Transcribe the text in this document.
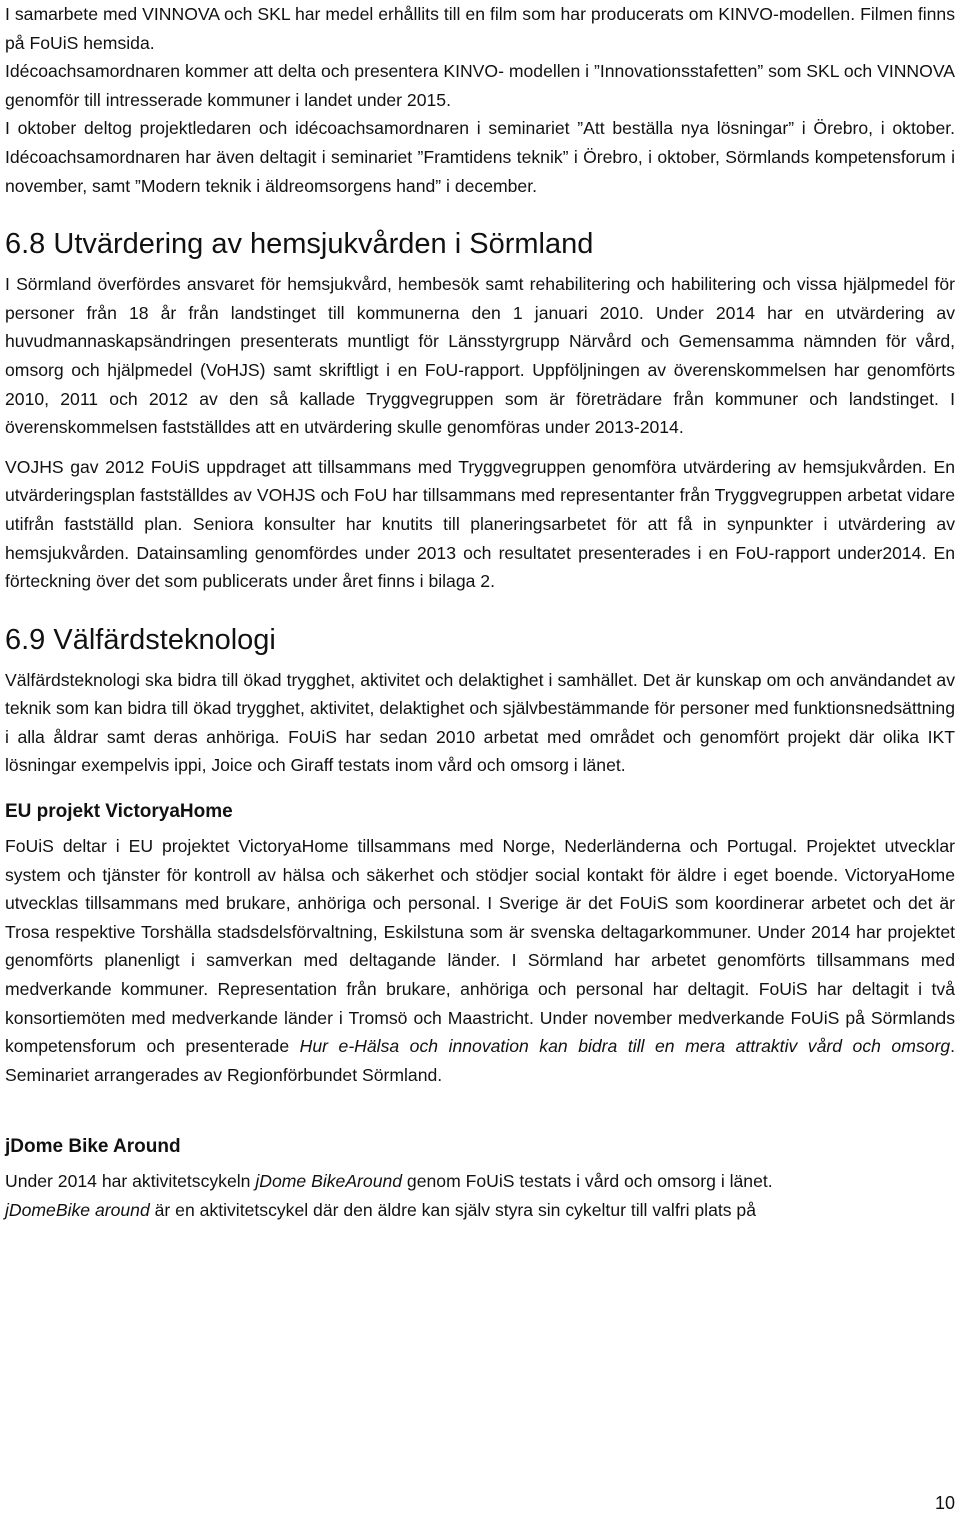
I samarbete med VINNOVA och SKL har medel erhållits till en film som har producerats om KINVO-modellen. Filmen finns på FoUiS hemsida.

Idécoachsamordnaren kommer att delta och presentera KINVO- modellen i ”Innovationsstafetten” som SKL och VINNOVA genomför till intresserade kommuner i landet under 2015.

I oktober deltog projektledaren och idécoachsamordnaren i seminariet ”Att beställa nya lösningar” i Örebro, i oktober. Idécoachsamordnaren har även deltagit i seminariet ”Framtidens teknik” i Örebro, i oktober, Sörmlands kompetensforum i november, samt ”Modern teknik i äldreomsorgens hand” i december.

6.8 Utvärdering av hemsjukvården i Sörmland

I Sörmland överfördes ansvaret för hemsjukvård, hembesök samt rehabilitering och habilitering och vissa hjälpmedel för personer från 18 år från landstinget till kommunerna den 1 januari 2010. Under 2014 har en utvärdering av huvudmannaskapsändringen presenterats muntligt för Länsstyrgrupp Närvård och Gemensamma nämnden för vård, omsorg och hjälpmedel (VoHJS) samt skriftligt i en FoU-rapport. Uppföljningen av överenskommelsen har genomförts 2010, 2011 och 2012 av den så kallade Tryggvegruppen som är företrädare från kommuner och landstinget. I överenskommelsen fastställdes att en utvärdering skulle genomföras under 2013-2014.

VOJHS gav 2012 FoUiS uppdraget att tillsammans med Tryggvegruppen genomföra utvärdering av hemsjukvården. En utvärderingsplan fastställdes av VOHJS och FoU har tillsammans med representanter från Tryggvegruppen arbetat vidare utifrån fastställd plan. Seniora konsulter har knutits till planeringsarbetet för att få in synpunkter i utvärdering av hemsjukvården. Datainsamling genomfördes under 2013 och resultatet presenterades i en FoU-rapport under2014. En förteckning över det som publicerats under året finns i bilaga 2.

6.9 Välfärdsteknologi

Välfärdsteknologi ska bidra till ökad trygghet, aktivitet och delaktighet i samhället. Det är kunskap om och användandet av teknik som kan bidra till ökad trygghet, aktivitet, delaktighet och självbestämmande för personer med funktionsnedsättning i alla åldrar samt deras anhöriga. FoUiS har sedan 2010 arbetat med området och genomfört projekt där olika IKT lösningar exempelvis ippi, Joice och Giraff testats inom vård och omsorg i länet.

EU projekt VictoryaHome

FoUiS deltar i EU projektet VictoryaHome tillsammans med Norge, Nederländerna och Portugal. Projektet utvecklar system och tjänster för kontroll av hälsa och säkerhet och stödjer social kontakt för äldre i eget boende. VictoryaHome utvecklas tillsammans med brukare, anhöriga och personal. I Sverige är det FoUiS som koordinerar arbetet och det är Trosa respektive Torshälla stadsdelsförvaltning, Eskilstuna som är svenska deltagarkommuner. Under 2014 har projektet genomförts planenligt i samverkan med deltagande länder. I Sörmland har arbetet genomförts tillsammans med medverkande kommuner. Representation från brukare, anhöriga och personal har deltagit. FoUiS har deltagit i två konsortiemöten med medverkande länder i Tromsö och Maastricht. Under november medverkande FoUiS på Sörmlands kompetensforum och presenterade Hur e-Hälsa och innovation kan bidra till en mera attraktiv vård och omsorg. Seminariet arrangerades av Regionförbundet Sörmland.

jDome Bike Around

Under 2014 har aktivitetscykeln jDome BikeAround genom FoUiS testats i vård och omsorg i länet.

jDomeBike around är en aktivitetscykel där den äldre kan själv styra sin cykeltur till valfri plats på

10
